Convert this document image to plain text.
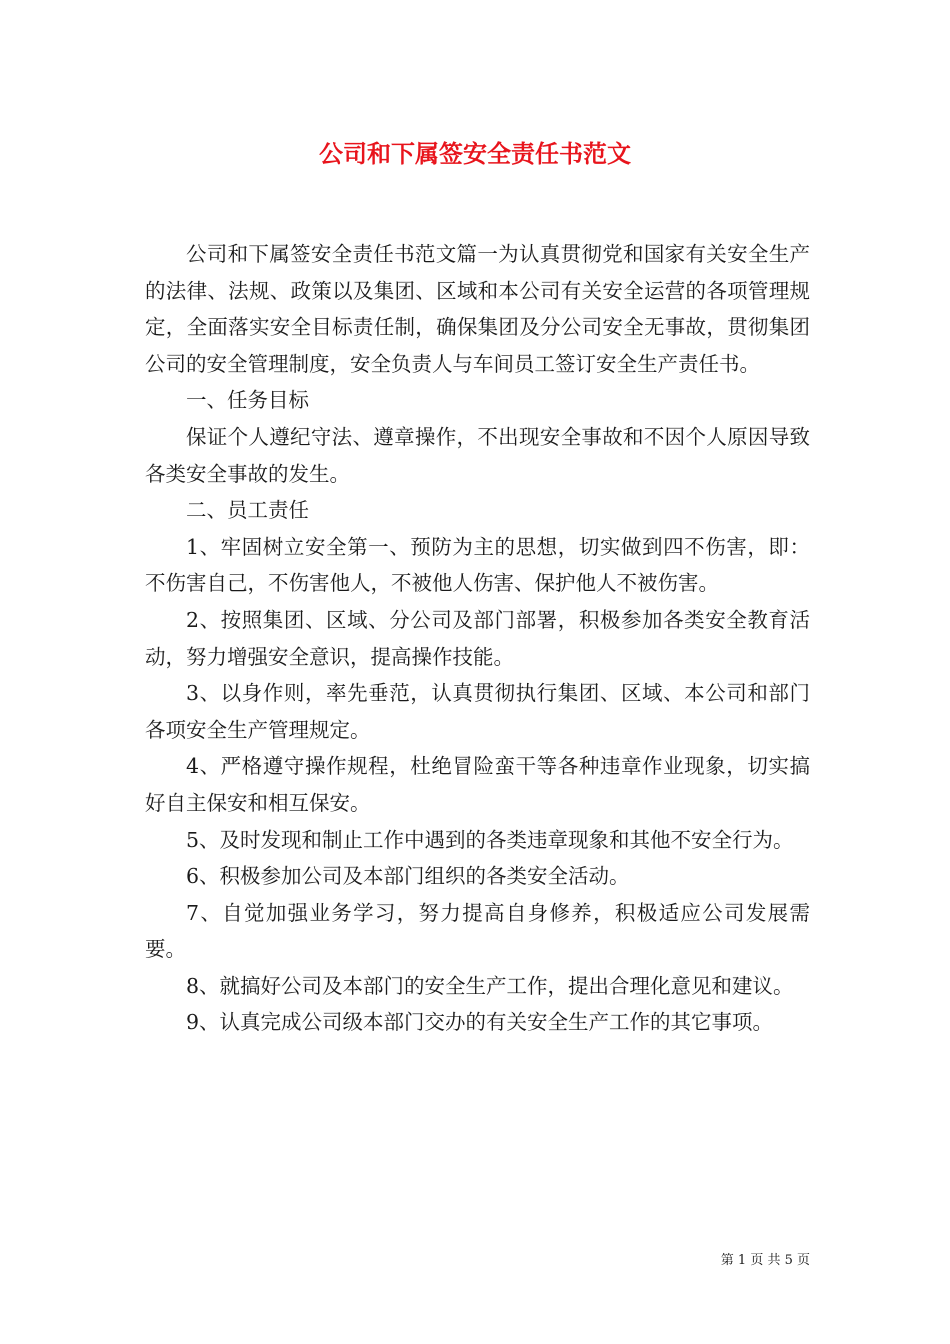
公司和下属签安全责任书范文

公司和下属签安全责任书范文篇一为认真贯彻党和国家有关安全生产的法律、法规、政策以及集团、区域和本公司有关安全运营的各项管理规定，全面落实安全目标责任制，确保集团及分公司安全无事故，贯彻集团公司的安全管理制度，安全负责人与车间员工签订安全生产责任书。

一、任务目标

保证个人遵纪守法、遵章操作，不出现安全事故和不因个人原因导致各类安全事故的发生。

二、员工责任

1、牢固树立安全第一、预防为主的思想，切实做到四不伤害，即：不伤害自己，不伤害他人，不被他人伤害、保护他人不被伤害。

2、按照集团、区域、分公司及部门部署，积极参加各类安全教育活动，努力增强安全意识，提高操作技能。

3、以身作则，率先垂范，认真贯彻执行集团、区域、本公司和部门各项安全生产管理规定。

4、严格遵守操作规程，杜绝冒险蛮干等各种违章作业现象，切实搞好自主保安和相互保安。

5、及时发现和制止工作中遇到的各类违章现象和其他不安全行为。

6、积极参加公司及本部门组织的各类安全活动。

7、自觉加强业务学习，努力提高自身修养，积极适应公司发展需要。

8、就搞好公司及本部门的安全生产工作，提出合理化意见和建议。

9、认真完成公司级本部门交办的有关安全生产工作的其它事项。

第 1 页 共 5 页
